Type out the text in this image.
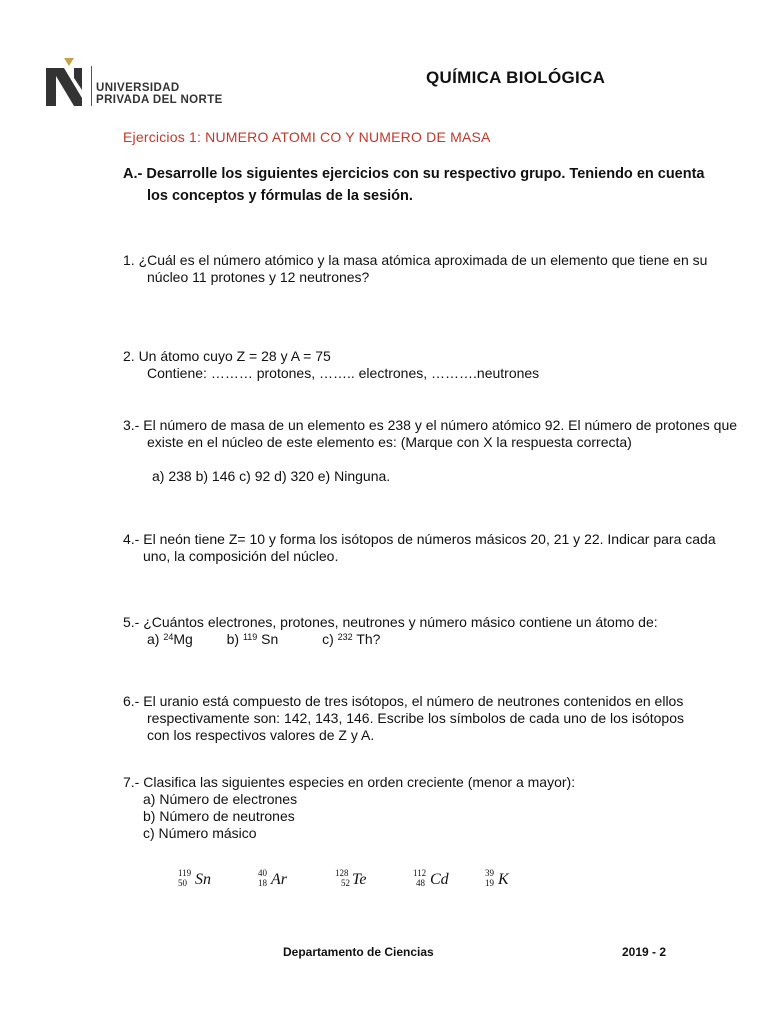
UNIVERSIDAD
PRIVADA DEL NORTE
QUÍMICA BIOLÓGICA
Ejercicios 1: NUMERO ATOMI CO Y NUMERO DE MASA
A.- Desarrolle los siguientes ejercicios con su respectivo grupo. Teniendo en cuenta
los conceptos y fórmulas de la sesión.
1. ¿Cuál es el número atómico y la masa atómica aproximada de un elemento que tiene en su
núcleo 11 protones y 12 neutrones?
2. Un átomo cuyo Z = 28 y A = 75
Contiene: ……… protones, …….. electrones, ……….neutrones
3.- El número de masa de un elemento es 238 y el número atómico 92. El número de protones que
existe en el núcleo de este elemento es: (Marque con X la respuesta correcta)
a) 238 b) 146 c) 92 d) 320 e) Ninguna.
4.- El neón tiene Z= 10 y forma los isótopos de números másicos 20, 21 y 22. Indicar para cada
uno, la composición del núcleo.
5.- ¿Cuántos electrones, protones, neutrones y número másico contiene un átomo de:
a) $^{24}$Mg b) $^{119}$ Sn	c) $^{232}$ Th?
6.- El uranio está compuesto de tres isótopos, el número de neutrones contenidos en ellos
respectivamente son: 142, 143, 146. Escribe los símbolos de cada uno de los isótopos
con los respectivos valores de Z y A.
7.- Clasifica las siguientes especies en orden creciente (menor a mayor):
a) Número de electrones
b) Número de neutrones
c) Número másico
119
50 Sn	40
18 Ar	128
52 Te	112
48 Cd	39
19 K
Departamento de Ciencias	2019 - 2
